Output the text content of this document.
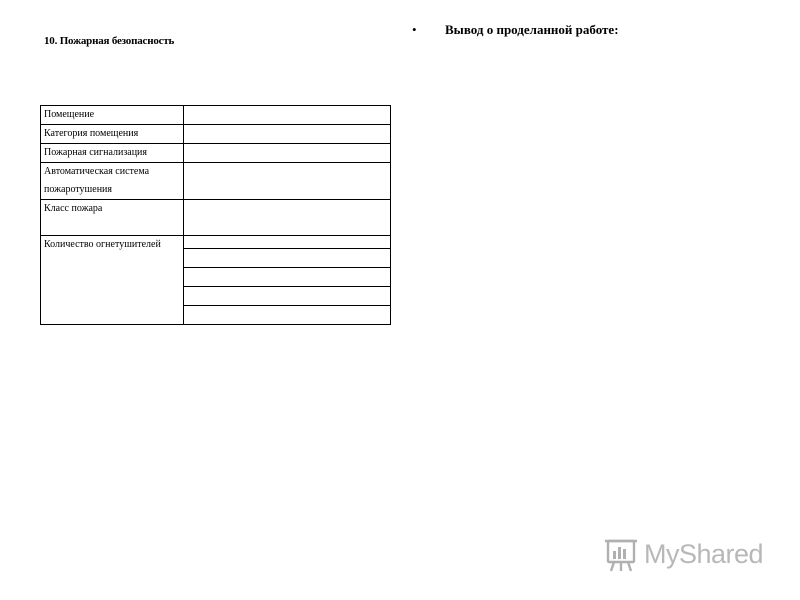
10. Пожарная безопасность
• Вывод о проделанной работе:
Помещение	
Категория помещения	
Пожарная сигнализация	
Автоматическая система пожаротушения	
Класс пожара	
Количество огнетушителей	

MyShared
